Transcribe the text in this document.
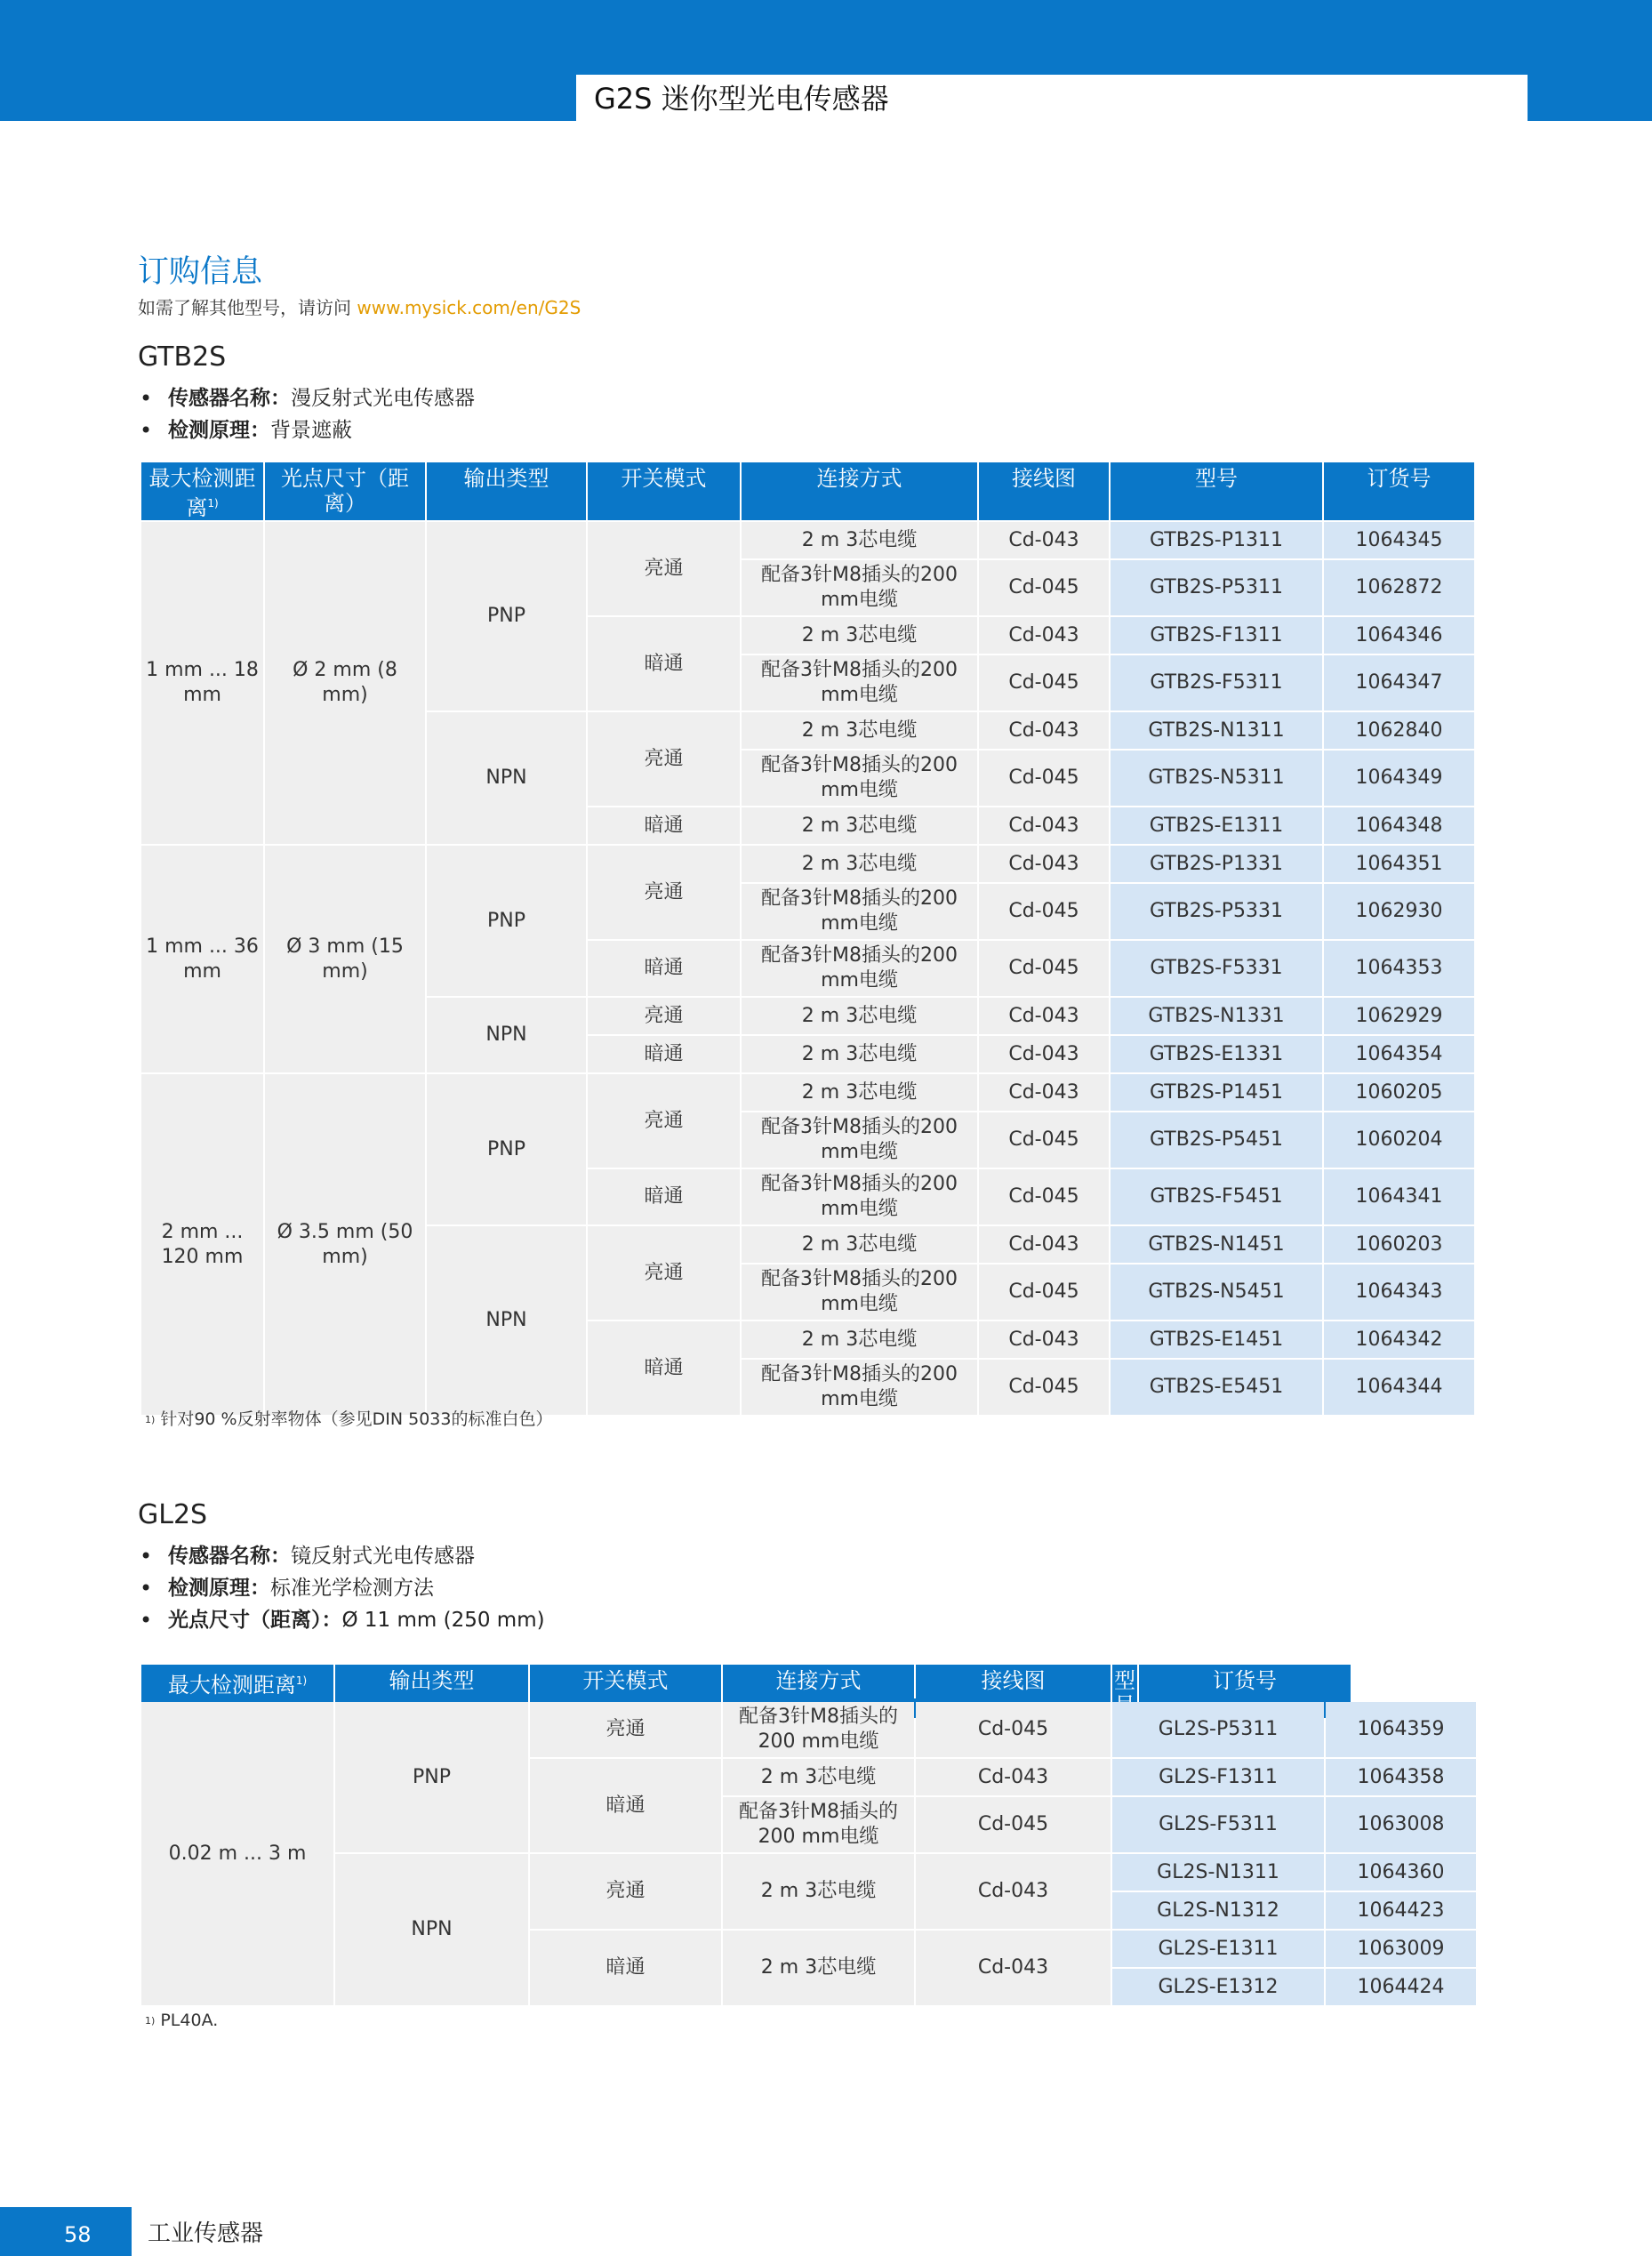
G2S 迷你型光电传感器
订购信息
如需了解其他型号，请访问 www.mysick.com/en/G2S
GTB2S
• 传感器名称：漫反射式光电传感器
• 检测原理：背景遮蔽
最大检测距离$^{1)}$	光点尺寸（距离）	输出类型	开关模式	连接方式	接线图	型号	订货号
1 mm ... 18 mm	Ø 2 mm (8 mm)	PNP	亮通	2 m 3芯电缆	Cd-043	GTB2S-P1311	1064345
				配备3针M8插头的200 mm电缆	Cd-045	GTB2S-P5311	1062872
			暗通	2 m 3芯电缆	Cd-043	GTB2S-F1311	1064346
				配备3针M8插头的200 mm电缆	Cd-045	GTB2S-F5311	1064347
		NPN	亮通	2 m 3芯电缆	Cd-043	GTB2S-N1311	1062840
				配备3针M8插头的200 mm电缆	Cd-045	GTB2S-N5311	1064349
			暗通	2 m 3芯电缆	Cd-043	GTB2S-E1311	1064348
1 mm ... 36 mm	Ø 3 mm (15 mm)	PNP	亮通	2 m 3芯电缆	Cd-043	GTB2S-P1331	1064351
				配备3针M8插头的200 mm电缆	Cd-045	GTB2S-P5331	1062930
			暗通	配备3针M8插头的200 mm电缆	Cd-045	GTB2S-F5331	1064353
		NPN	亮通	2 m 3芯电缆	Cd-043	GTB2S-N1331	1062929
			暗通	2 m 3芯电缆	Cd-043	GTB2S-E1331	1064354
2 mm ... 120 mm	Ø 3.5 mm (50 mm)	PNP	亮通	2 m 3芯电缆	Cd-043	GTB2S-P1451	1060205
				配备3针M8插头的200 mm电缆	Cd-045	GTB2S-P5451	1060204
			暗通	配备3针M8插头的200 mm电缆	Cd-045	GTB2S-F5451	1064341
		NPN	亮通	2 m 3芯电缆	Cd-043	GTB2S-N1451	1060203
				配备3针M8插头的200 mm电缆	Cd-045	GTB2S-N5451	1064343
			暗通	2 m 3芯电缆	Cd-043	GTB2S-E1451	1064342
				配备3针M8插头的200 mm电缆	Cd-045	GTB2S-E5451	1064344
$^{1)}$ 针对90 %反射率物体（参见DIN 5033的标准白色）
GL2S
• 传感器名称：镜反射式光电传感器
• 检测原理：标准光学检测方法
• 光点尺寸（距离）：Ø 11 mm (250 mm)
最大检测距离$^{1)}$	输出类型	开关模式	连接方式	接线图	型	订货号
0.02 m ... 3 m	PNP	亮通	配备3针M8插头的200 mm电缆	Cd-045	GL2S-P5311	1064359
		暗通	2 m 3芯电缆	Cd-043	GL2S-F1311	1064358
			配备3针M8插头的200 mm电缆	Cd-045	GL2S-F5311	1063008
	NPN	亮通	2 m 3芯电缆	Cd-043	GL2S-N1311	1064360
					GL2S-N1312	1064423
		暗通	2 m 3芯电缆	Cd-043	GL2S-E1311	1063009
					GL2S-E1312	1064424
$^{1)}$ PL40A.
58 工业传感器
